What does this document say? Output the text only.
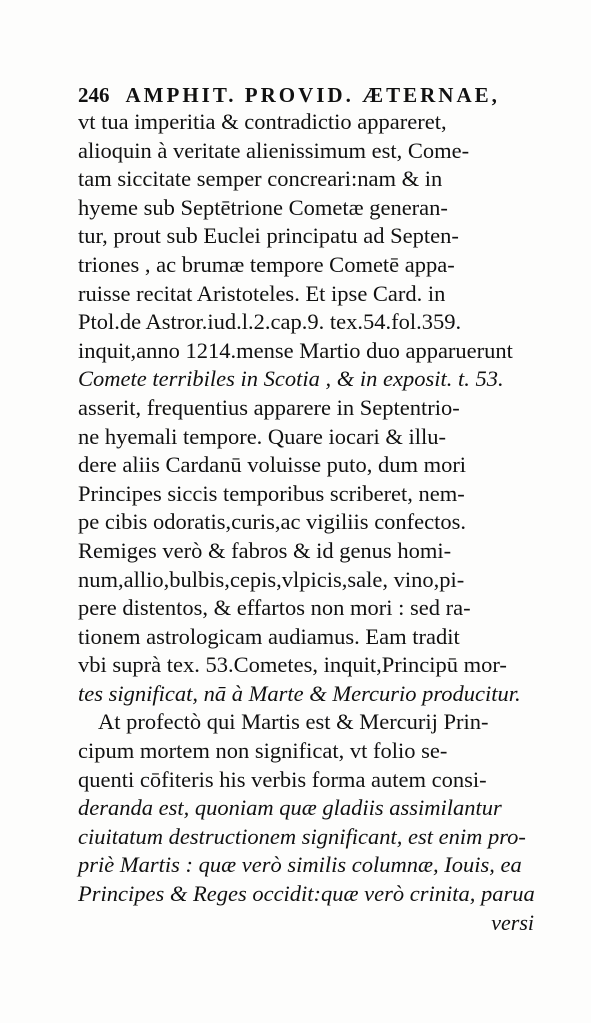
246 AMPHIT. PROVID. ÆTERNAE,
vt tua imperitia & contradictio appareret,
alioquin à veritate alienissimum est, Come-
tam siccitate semper concreari:nam & in
hyeme sub Septētrione Cometæ generan-
tur, prout sub Euclei principatu ad Septen-
triones , ac brumæ tempore Cometē appa-
ruisse recitat Aristoteles. Et ipse Card. in
Ptol.de Astror.iud.l.2.cap.9. tex.54.fol.359.
inquit,anno 1214.mense Martio duo apparuerunt
Comete terribiles in Scotia , & in exposit. t. 53.
asserit, frequentius apparere in Septentrio-
ne hyemali tempore. Quare iocari & illu-
dere aliis Cardanū voluisse puto, dum mori
Principes siccis temporibus scriberet, nem-
pe cibis odoratis,curis,ac vigiliis confectos.
Remiges verò & fabros & id genus homi-
num,allio,bulbis,cepis,vlpicis,sale, vino,pi-
pere distentos, & effartos non mori : sed ra-
tionem astrologicam audiamus. Eam tradit
vbi suprà tex. 53.Cometes, inquit,Principū mor-
tes significat, nā à Marte & Mercurio producitur.
At profectò qui Martis est & Mercurij Prin-
cipum mortem non significat, vt folio se-
quenti cōfiteris his verbis forma autem consi-
deranda est, quoniam quæ gladiis assimilantur
ciuitatum destructionem significant, est enim pro-
priè Martis : quæ verò similis columnæ, Iouis, ea
Principes & Reges occidit:quæ verò crinita, parua
versi
